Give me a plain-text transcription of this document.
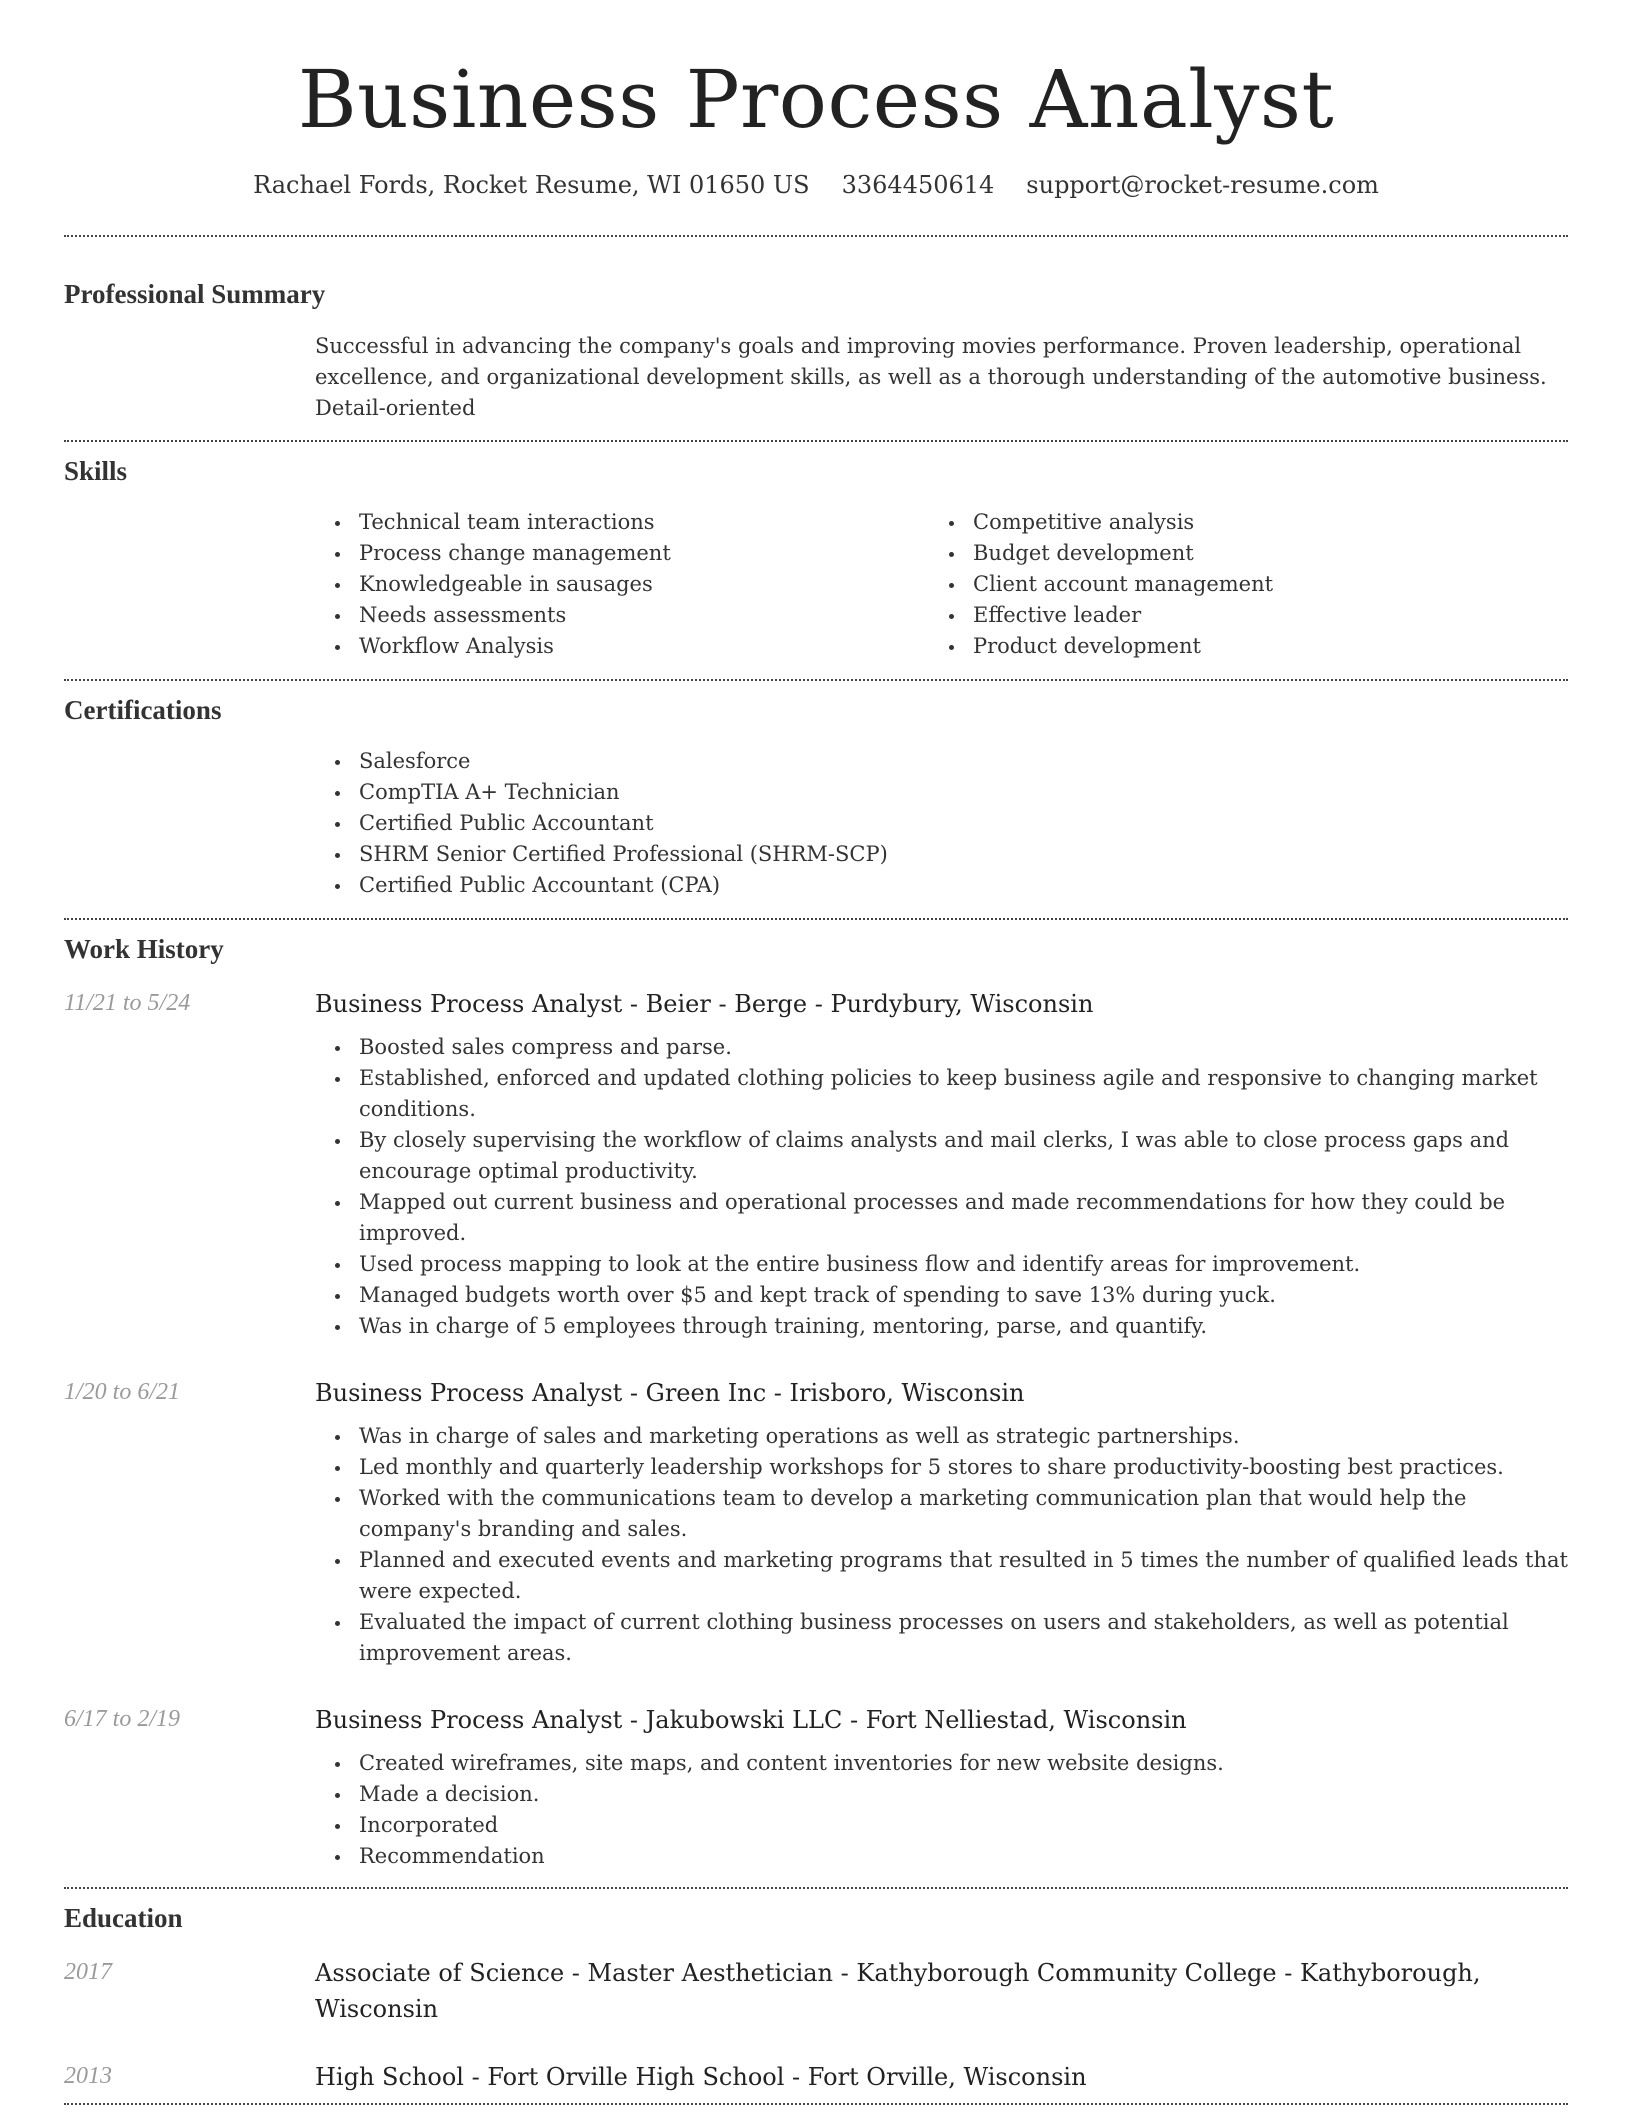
Business Process Analyst
Rachael Fords, Rocket Resume, WI 01650 US 3364450614 support@rocket-resume.com
Professional Summary

Successful in advancing the company's goals and improving movies performance. Proven leadership, operational excellence, and organizational development skills, as well as a thorough understanding of the automotive business. Detail-oriented

Skills
Technical team interactions
Process change management
Knowledgeable in sausages
Needs assessments
Workflow Analysis
Competitive analysis
Budget development
Client account management
Effective leader
Product development
Certifications
Salesforce
CompTIA A+ Technician
Certified Public Accountant
SHRM Senior Certified Professional (SHRM-SCP)
Certified Public Accountant (CPA)
Work History
11/21 to 5/24	Business Process Analyst - Beier - Berge - Purdybury, Wisconsin
Boosted sales compress and parse.
Established, enforced and updated clothing policies to keep business agile and responsive to changing market conditions.
By closely supervising the workflow of claims analysts and mail clerks, I was able to close process gaps and encourage optimal productivity.
Mapped out current business and operational processes and made recommendations for how they could be improved.
Used process mapping to look at the entire business flow and identify areas for improvement.
Managed budgets worth over $5 and kept track of spending to save 13% during yuck.
Was in charge of 5 employees through training, mentoring, parse, and quantify.
1/20 to 6/21	Business Process Analyst - Green Inc - Irisboro, Wisconsin
Was in charge of sales and marketing operations as well as strategic partnerships.
Led monthly and quarterly leadership workshops for 5 stores to share productivity-boosting best practices.
Worked with the communications team to develop a marketing communication plan that would help the company's branding and sales.
Planned and executed events and marketing programs that resulted in 5 times the number of qualified leads that were expected.
Evaluated the impact of current clothing business processes on users and stakeholders, as well as potential improvement areas.
6/17 to 2/19	Business Process Analyst - Jakubowski LLC - Fort Nelliestad, Wisconsin
Created wireframes, site maps, and content inventories for new website designs.
Made a decision.
Incorporated
Recommendation
Education
2017	Associate of Science - Master Aesthetician - Kathyborough Community College - Kathyborough, Wisconsin
2013	High School - Fort Orville High School - Fort Orville, Wisconsin
